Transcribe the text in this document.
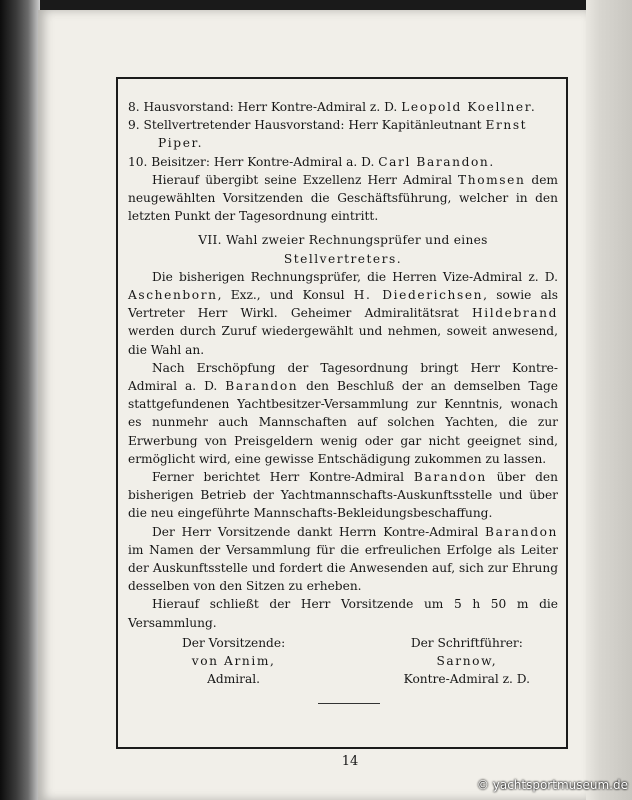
8. Hausvorstand: Herr Kontre-Admiral z. D. Leopold Koellner.

9. Stellvertretender Hausvorstand: Herr Kapitänleutnant Ernst Piper.

10. Beisitzer: Herr Kontre-Admiral a. D. Carl Barandon.

Hierauf übergibt seine Exzellenz Herr Admiral Thomsen dem neugewählten Vorsitzenden die Geschäftsführung, welcher in den letzten Punkt der Tagesordnung eintritt.

VII. Wahl zweier Rechnungsprüfer und eines

Stellvertreters.

Die bisherigen Rechnungsprüfer, die Herren Vize-Admiral z. D. Aschenborn, Exz., und Konsul H. Diederichsen, sowie als Vertreter Herr Wirkl. Geheimer Admiralitätsrat Hildebrand werden durch Zuruf wiedergewählt und nehmen, soweit anwesend, die Wahl an.

Nach Erschöpfung der Tagesordnung bringt Herr Kontre-Admiral a. D. Barandon den Beschluß der an demselben Tage stattgefundenen Yachtbesitzer-Versammlung zur Kenntnis, wonach es nunmehr auch Mannschaften auf solchen Yachten, die zur Erwerbung von Preisgeldern wenig oder gar nicht geeignet sind, ermöglicht wird, eine gewisse Entschädigung zukommen zu lassen.

Ferner berichtet Herr Kontre-Admiral Barandon über den bisherigen Betrieb der Yachtmannschafts-Auskunftsstelle und über die neu eingeführte Mannschafts-Bekleidungsbeschaffung.

Der Herr Vorsitzende dankt Herrn Kontre-Admiral Barandon im Namen der Versammlung für die erfreulichen Erfolge als Leiter der Auskunftsstelle und fordert die Anwesenden auf, sich zur Ehrung desselben von den Sitzen zu erheben.

Hierauf schließt der Herr Vorsitzende um 5 h 50 m die Versammlung.

Der Vorsitzende:
von Arnim,
Admiral.
Der Schriftführer:
Sarnow,
Kontre-Admiral z. D.
14
© yachtsportmuseum.de
